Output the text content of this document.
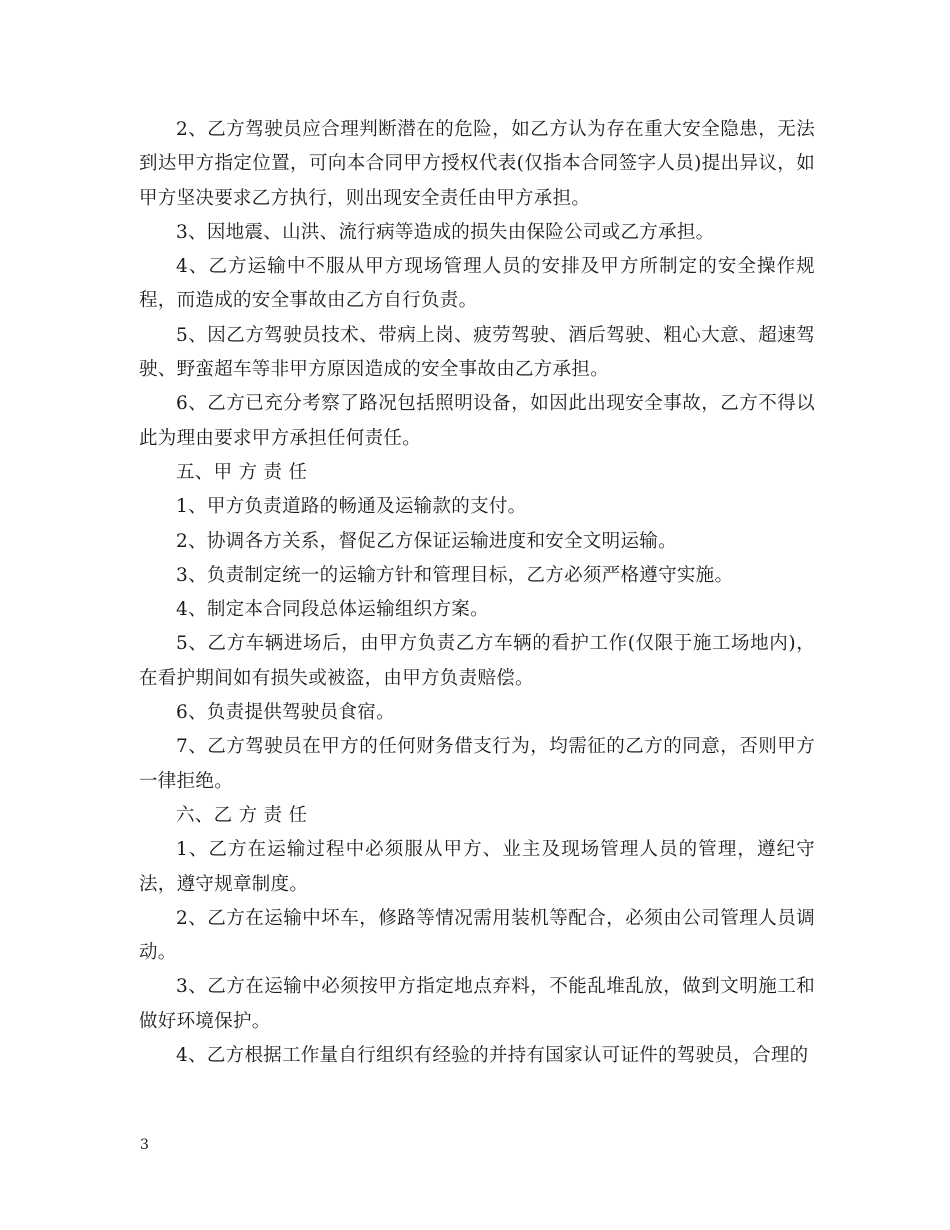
2、乙方驾驶员应合理判断潜在的危险，如乙方认为存在重大安全隐患，无法到达甲方指定位置，可向本合同甲方授权代表(仅指本合同签字人员)提出异议，如甲方坚决要求乙方执行，则出现安全责任由甲方承担。

3、因地震、山洪、流行病等造成的损失由保险公司或乙方承担。

4、乙方运输中不服从甲方现场管理人员的安排及甲方所制定的安全操作规程，而造成的安全事故由乙方自行负责。

5、因乙方驾驶员技术、带病上岗、疲劳驾驶、酒后驾驶、粗心大意、超速驾驶、野蛮超车等非甲方原因造成的安全事故由乙方承担。

6、乙方已充分考察了路况包括照明设备，如因此出现安全事故，乙方不得以此为理由要求甲方承担任何责任。

五、甲 方 责 任

1、甲方负责道路的畅通及运输款的支付。

2、协调各方关系，督促乙方保证运输进度和安全文明运输。

3、负责制定统一的运输方针和管理目标，乙方必须严格遵守实施。

4、制定本合同段总体运输组织方案。

5、乙方车辆进场后，由甲方负责乙方车辆的看护工作(仅限于施工场地内)，在看护期间如有损失或被盗，由甲方负责赔偿。

6、负责提供驾驶员食宿。

7、乙方驾驶员在甲方的任何财务借支行为，均需征的乙方的同意，否则甲方一律拒绝。

六、乙 方 责 任

1、乙方在运输过程中必须服从甲方、业主及现场管理人员的管理，遵纪守法，遵守规章制度。

2、乙方在运输中坏车，修路等情况需用装机等配合，必须由公司管理人员调动。

3、乙方在运输中必须按甲方指定地点弃料，不能乱堆乱放，做到文明施工和做好环境保护。

4、乙方根据工作量自行组织有经验的并持有国家认可证件的驾驶员，合理的

3
